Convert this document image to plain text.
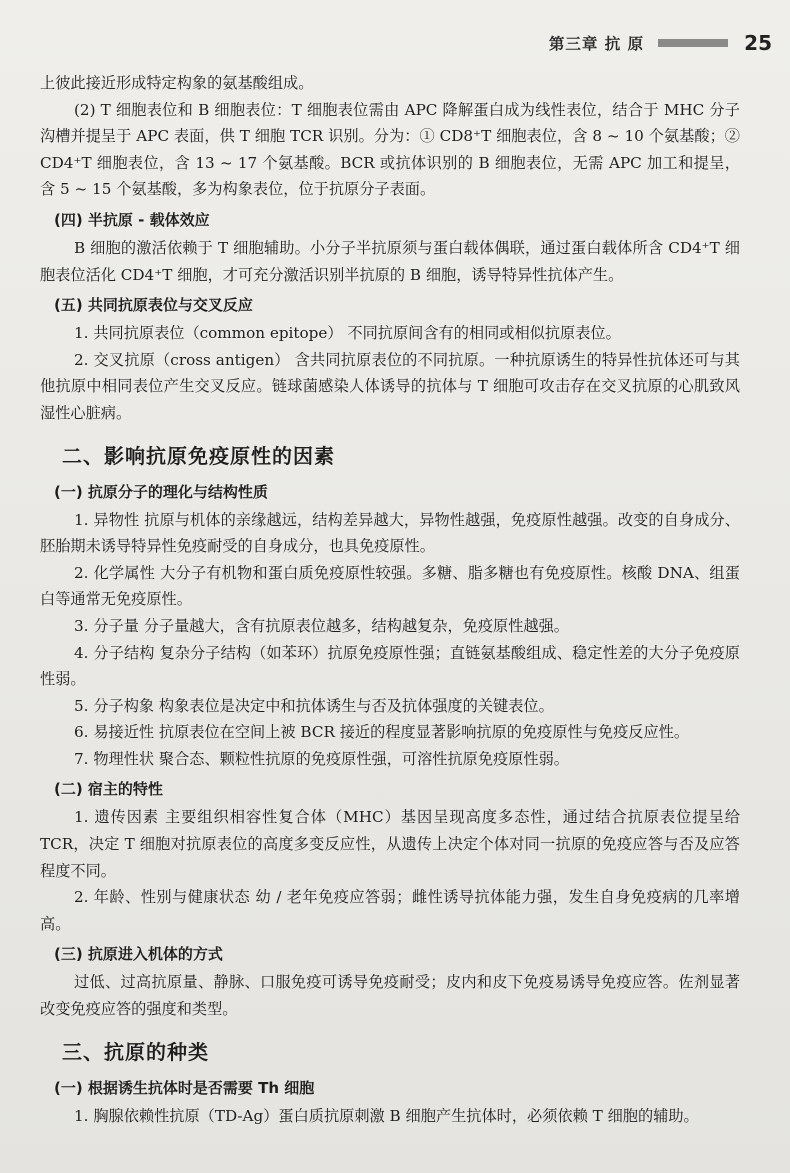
第三章 抗 原	25

上彼此接近形成特定构象的氨基酸组成。

(2) T 细胞表位和 B 细胞表位：T 细胞表位需由 APC 降解蛋白成为线性表位，结合于 MHC 分子沟槽并提呈于 APC 表面，供 T 细胞 TCR 识别。分为：① CD8⁺T 细胞表位，含 8 ~ 10 个氨基酸；② CD4⁺T 细胞表位，含 13 ~ 17 个氨基酸。BCR 或抗体识别的 B 细胞表位，无需 APC 加工和提呈，含 5 ~ 15 个氨基酸，多为构象表位，位于抗原分子表面。

(四) 半抗原 - 载体效应

B 细胞的激活依赖于 T 细胞辅助。小分子半抗原须与蛋白载体偶联，通过蛋白载体所含 CD4⁺T 细胞表位活化 CD4⁺T 细胞，才可充分激活识别半抗原的 B 细胞，诱导特异性抗体产生。

(五) 共同抗原表位与交叉反应

1. 共同抗原表位（common epitope） 不同抗原间含有的相同或相似抗原表位。

2. 交叉抗原（cross antigen） 含共同抗原表位的不同抗原。一种抗原诱生的特异性抗体还可与其他抗原中相同表位产生交叉反应。链球菌感染人体诱导的抗体与 T 细胞可攻击存在交叉抗原的心肌致风湿性心脏病。

二、影响抗原免疫原性的因素
(一) 抗原分子的理化与结构性质

1. 异物性 抗原与机体的亲缘越远，结构差异越大，异物性越强，免疫原性越强。改变的自身成分、胚胎期未诱导特异性免疫耐受的自身成分，也具免疫原性。

2. 化学属性 大分子有机物和蛋白质免疫原性较强。多糖、脂多糖也有免疫原性。核酸 DNA、组蛋白等通常无免疫原性。

3. 分子量 分子量越大，含有抗原表位越多，结构越复杂，免疫原性越强。

4. 分子结构 复杂分子结构（如苯环）抗原免疫原性强；直链氨基酸组成、稳定性差的大分子免疫原性弱。

5. 分子构象 构象表位是决定中和抗体诱生与否及抗体强度的关键表位。

6. 易接近性 抗原表位在空间上被 BCR 接近的程度显著影响抗原的免疫原性与免疫反应性。

7. 物理性状 聚合态、颗粒性抗原的免疫原性强，可溶性抗原免疫原性弱。

(二) 宿主的特性

1. 遗传因素 主要组织相容性复合体（MHC）基因呈现高度多态性，通过结合抗原表位提呈给 TCR，决定 T 细胞对抗原表位的高度多变反应性，从遗传上决定个体对同一抗原的免疫应答与否及应答程度不同。

2. 年龄、性别与健康状态 幼 / 老年免疫应答弱；雌性诱导抗体能力强，发生自身免疫病的几率增高。

(三) 抗原进入机体的方式

过低、过高抗原量、静脉、口服免疫可诱导免疫耐受；皮内和皮下免疫易诱导免疫应答。佐剂显著改变免疫应答的强度和类型。

三、抗原的种类
(一) 根据诱生抗体时是否需要 Th 细胞

1. 胸腺依赖性抗原（TD-Ag）蛋白质抗原刺激 B 细胞产生抗体时，必须依赖 T 细胞的辅助。
